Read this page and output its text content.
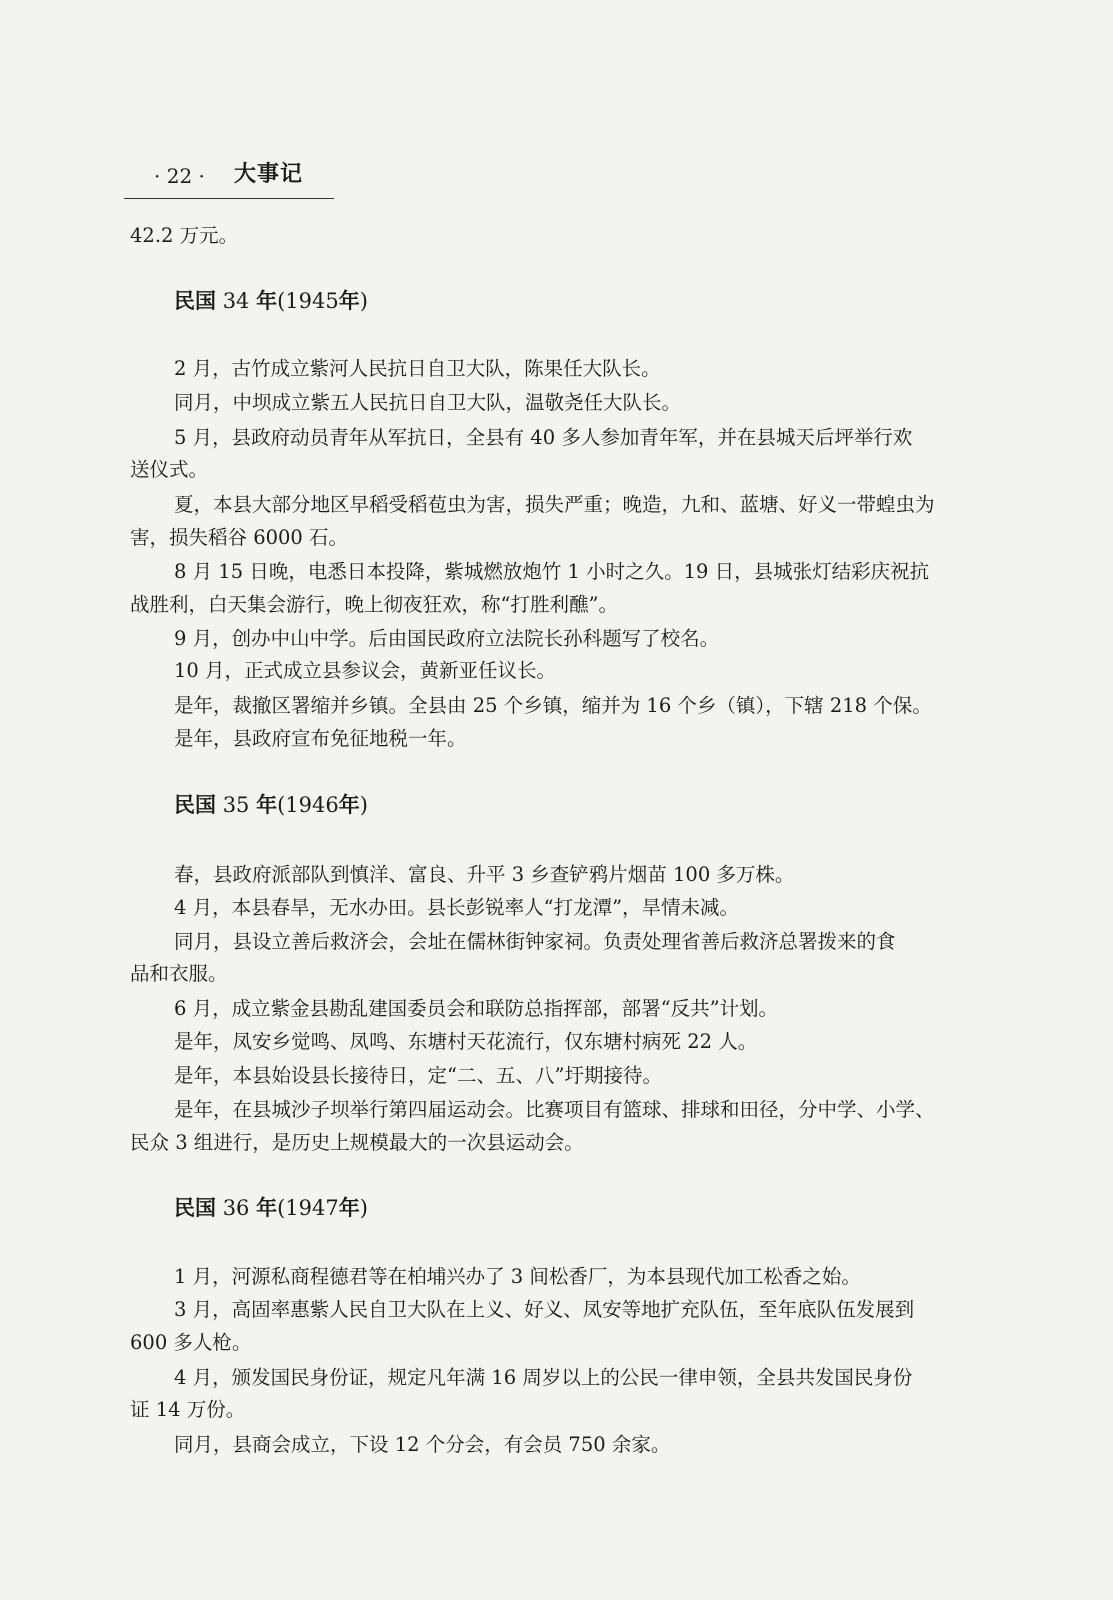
· 22 · 大事记
42.2 万元。
民国 34 年(1945年)
2 月，古竹成立紫河人民抗日自卫大队，陈果任大队长。
同月，中坝成立紫五人民抗日自卫大队，温敬尧任大队长。
5 月，县政府动员青年从军抗日，全县有 40 多人参加青年军，并在县城天后坪举行欢
送仪式。
夏，本县大部分地区早稻受稻苞虫为害，损失严重；晚造，九和、蓝塘、好义一带蝗虫为
害，损失稻谷 6000 石。
8 月 15 日晚，电悉日本投降，紫城燃放炮竹 1 小时之久。19 日，县城张灯结彩庆祝抗
战胜利，白天集会游行，晚上彻夜狂欢，称“打胜利醮”。
9 月，创办中山中学。后由国民政府立法院长孙科题写了校名。
10 月，正式成立县参议会，黄新亚任议长。
是年，裁撤区署缩并乡镇。全县由 25 个乡镇，缩并为 16 个乡（镇），下辖 218 个保。
是年，县政府宣布免征地税一年。
民国 35 年(1946年)
春，县政府派部队到慎洋、富良、升平 3 乡查铲鸦片烟苗 100 多万株。
4 月，本县春旱，无水办田。县长彭锐率人“打龙潭”，旱情未减。
同月，县设立善后救济会，会址在儒林街钟家祠。负责处理省善后救济总署拨来的食
品和衣服。
6 月，成立紫金县勘乱建国委员会和联防总指挥部，部署“反共”计划。
是年，凤安乡觉鸣、凤鸣、东塘村天花流行，仅东塘村病死 22 人。
是年，本县始设县长接待日，定“二、五、八”圩期接待。
是年，在县城沙子坝举行第四届运动会。比赛项目有篮球、排球和田径，分中学、小学、
民众 3 组进行，是历史上规模最大的一次县运动会。
民国 36 年(1947年)
1 月，河源私商程德君等在柏埔兴办了 3 间松香厂，为本县现代加工松香之始。
3 月，高固率惠紫人民自卫大队在上义、好义、凤安等地扩充队伍，至年底队伍发展到
600 多人枪。
4 月，颁发国民身份证，规定凡年满 16 周岁以上的公民一律申领，全县共发国民身份
证 14 万份。
同月，县商会成立，下设 12 个分会，有会员 750 余家。
